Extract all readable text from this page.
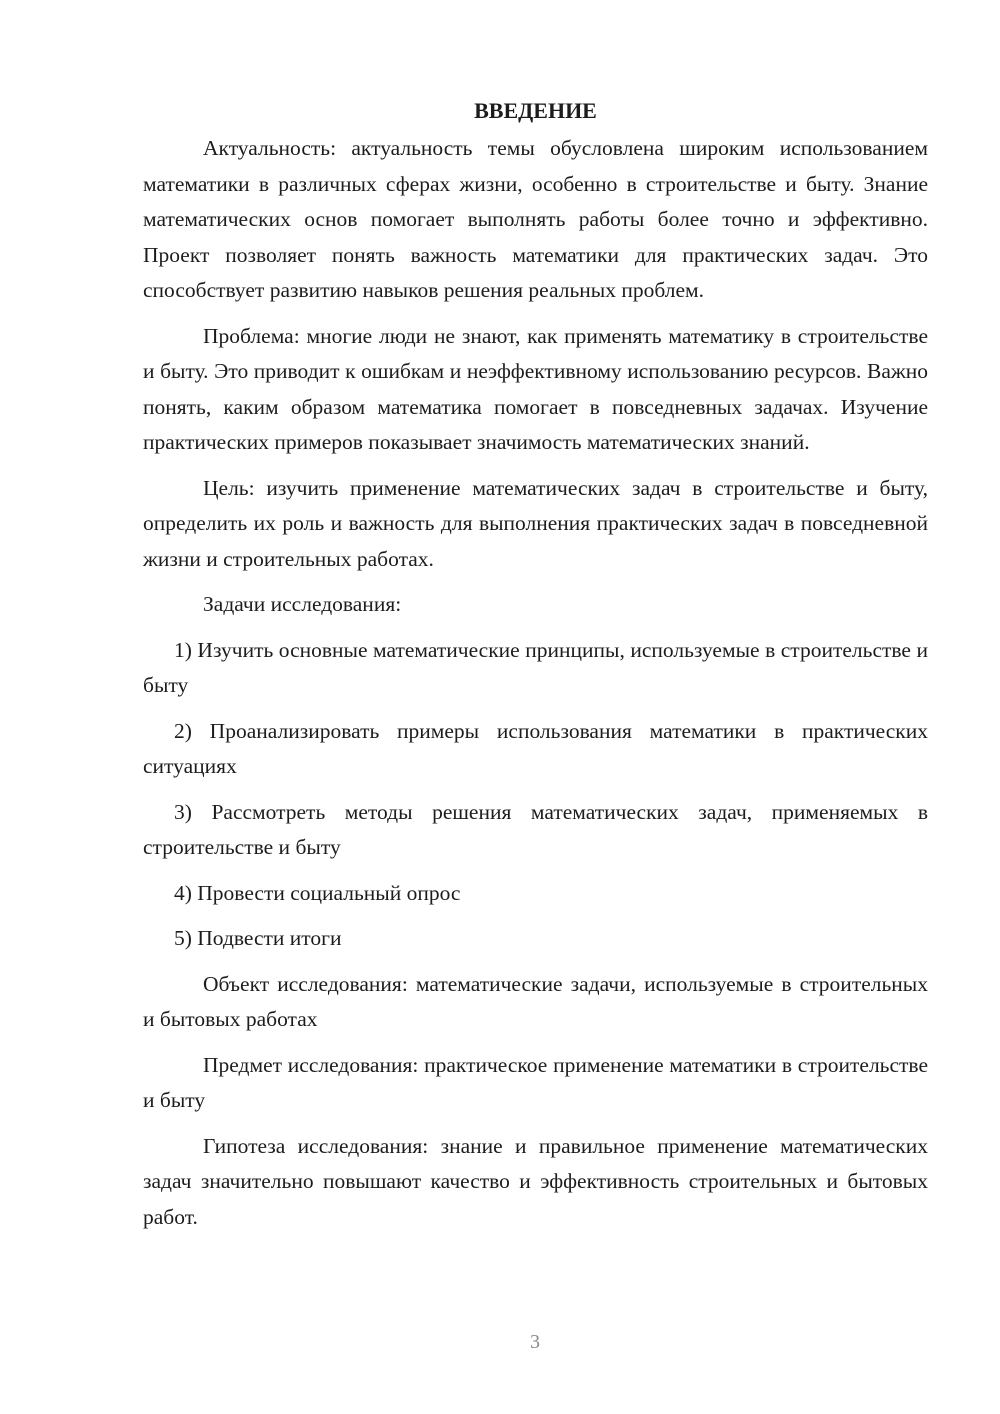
ВВЕДЕНИЕ

Актуальность: актуальность темы обусловлена широким использованием математики в различных сферах жизни, особенно в строительстве и быту. Знание математических основ помогает выполнять работы более точно и эффективно. Проект позволяет понять важность математики для практических задач. Это способствует развитию навыков решения реальных проблем.

Проблема: многие люди не знают, как применять математику в строительстве и быту. Это приводит к ошибкам и неэффективному использованию ресурсов. Важно понять, каким образом математика помогает в повседневных задачах. Изучение практических примеров показывает значимость математических знаний.

Цель: изучить применение математических задач в строительстве и быту, определить их роль и важность для выполнения практических задач в повседневной жизни и строительных работах.

Задачи исследования:

1) Изучить основные математические принципы, используемые в строительстве и быту

2) Проанализировать примеры использования математики в практических ситуациях

3) Рассмотреть методы решения математических задач, применяемых в строительстве и быту

4) Провести социальный опрос

5) Подвести итоги

Объект исследования: математические задачи, используемые в строительных и бытовых работах

Предмет исследования: практическое применение математики в строительстве и быту

Гипотеза исследования: знание и правильное применение математических задач значительно повышают качество и эффективность строительных и бытовых работ.

3
